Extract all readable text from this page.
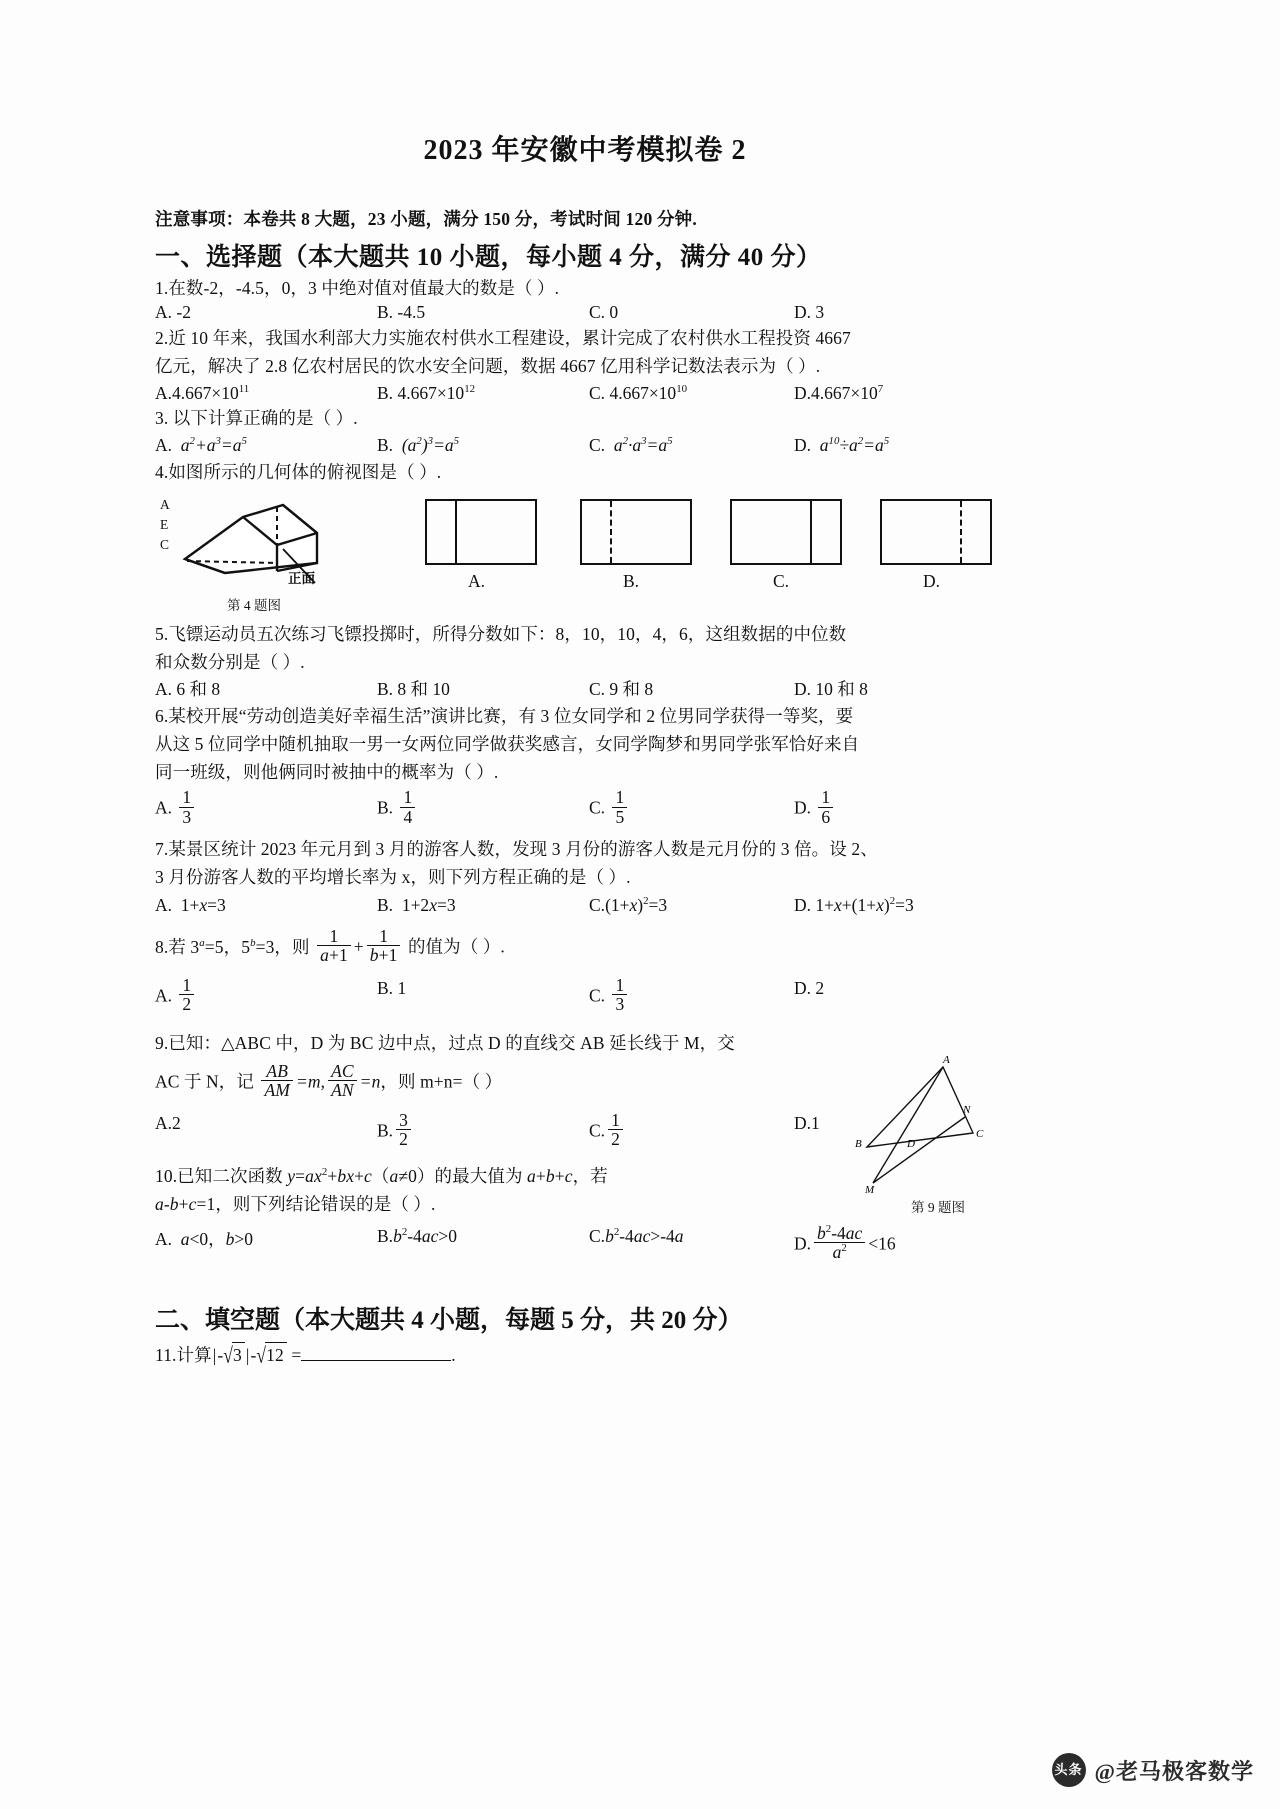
2023 年安徽中考模拟卷 2
注意事项：本卷共 8 大题，23 小题，满分 150 分，考试时间 120 分钟.
一、选择题（本大题共 10 小题，每小题 4 分，满分 40 分）
1.在数-2，-4.5，0，3 中绝对值对值最大的数是（ ）.
A. -2	B. -4.5	C. 0	D. 3
2.近 10 年来，我国水利部大力实施农村供水工程建设，累计完成了农村供水工程投资 4667
亿元，解决了 2.8 亿农村居民的饮水安全问题，数据 4667 亿用科学记数法表示为（ ）.
$A.4.667\times 10^{11}$	B. $4.667\times 10^{12}$	C. $4.667\times 10^{10}$	$D.4.667\times 10^7$
3. 以下计算正确的是（ ）.
A. $a^2+a^3=a^5$	B. $(a^2)^3=a^5$	C. $a^2\cdot a^3=a^5$	D. $a^{10}\div a^2=a^5$
4.如图所示的几何体的俯视图是（ ）.
A
E
C
正面
第 4 题图
A.	B.	C.	D.
5.飞镖运动员五次练习飞镖投掷时，所得分数如下：8，10，10，4，6，这组数据的中位数
和众数分别是（ ）.
A. 6 和 8	B. 8 和 10	C. 9 和 8	D. 10 和 8
6.某校开展“劳动创造美好幸福生活”演讲比赛，有 3 位女同学和 2 位男同学获得一等奖，要
从这 5 位同学中随机抽取一男一女两位同学做获奖感言，女同学陶梦和男同学张军恰好来自
同一班级，则他俩同时被抽中的概率为（ ）.
A. $\frac{1}{3}$	B. $\frac{1}{4}$	C. $\frac{1}{5}$	D. $\frac{1}{6}$
7.某景区统计 2023 年元月到 3 月的游客人数，发现 3 月份的游客人数是元月份的 3 倍。设 2、
3 月份游客人数的平均增长率为 x，则下列方程正确的是（ ）.
A.  1+x=3	B.  1+2x=3	$C.(1+x)^2=3$	D. $1+x+(1+x)^2=3$
8.若 $3^a=5$，$5^b=3$，则 $\frac{1}{a+1} + \frac{1}{b+1}$ 的值为（ ）.
A. $\frac{1}{2}$	B. 1	C. $\frac{1}{3}$	D. 2
9.已知：△ABC 中，D 为 BC 边中点，过点 D 的直线交 AB 延长线于 M，交
AC 于 N，记 $\frac{AB}{AM} =m$, $\frac{AC}{AN} =n$，则 m+n=（ ）
A.2	B. $\frac{3}{2}$	C. $\frac{1}{2}$	D.1
10.已知二次函数 $y=ax^2+bx+c(a\ne 0)$的最大值为 a+b+c，若
a-b+c=1，则下列结论错误的是（ ）.
A. a<0，b>0	$B.b^2-4ac>0$	$C.b^2-4ac>-4a$	D. $\frac{b^2-4ac}{a^2} <16$
二、填空题（本大题共 4 小题，每题 5 分，共 20 分）
11.计算|-√3 |-√12 =	.
A
N
B	D
C
M
第 9 题图
头条 @老马极客数学
